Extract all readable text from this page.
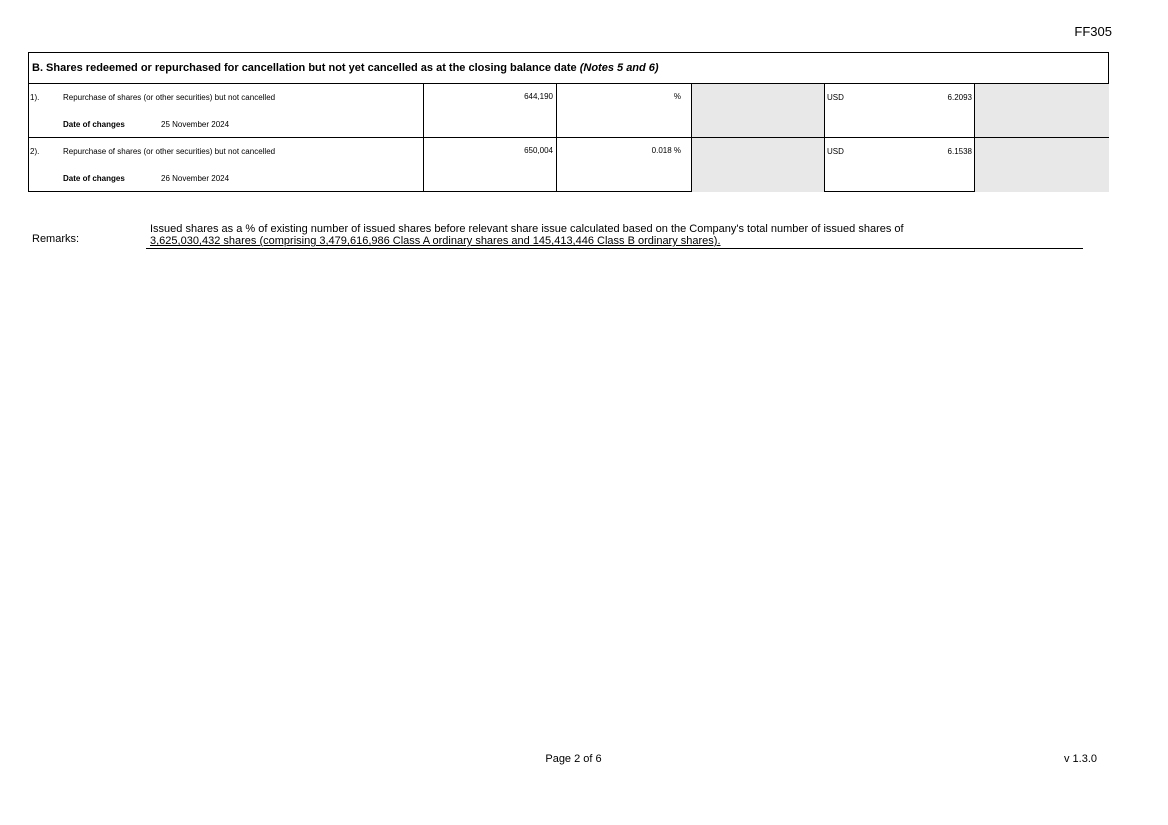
FF305
B. Shares redeemed or repurchased for cancellation but not yet cancelled as at the closing balance date (Notes 5 and 6)
1).	Repurchase of shares (or other securities) but not cancelled
Date of changes	25 November 2024
644,190	%	USD	6.2093
2).	Repurchase of shares (or other securities) but not cancelled
Date of changes	26 November 2024
650,004	0.018 %	USD	6.1538
Remarks:
Issued shares as a % of existing number of issued shares before relevant share issue calculated based on the Company's total number of issued shares of
3,625,030,432 shares (comprising 3,479,616,986 Class A ordinary shares and 145,413,446 Class B ordinary shares).
Page 2 of 6	v 1.3.0
